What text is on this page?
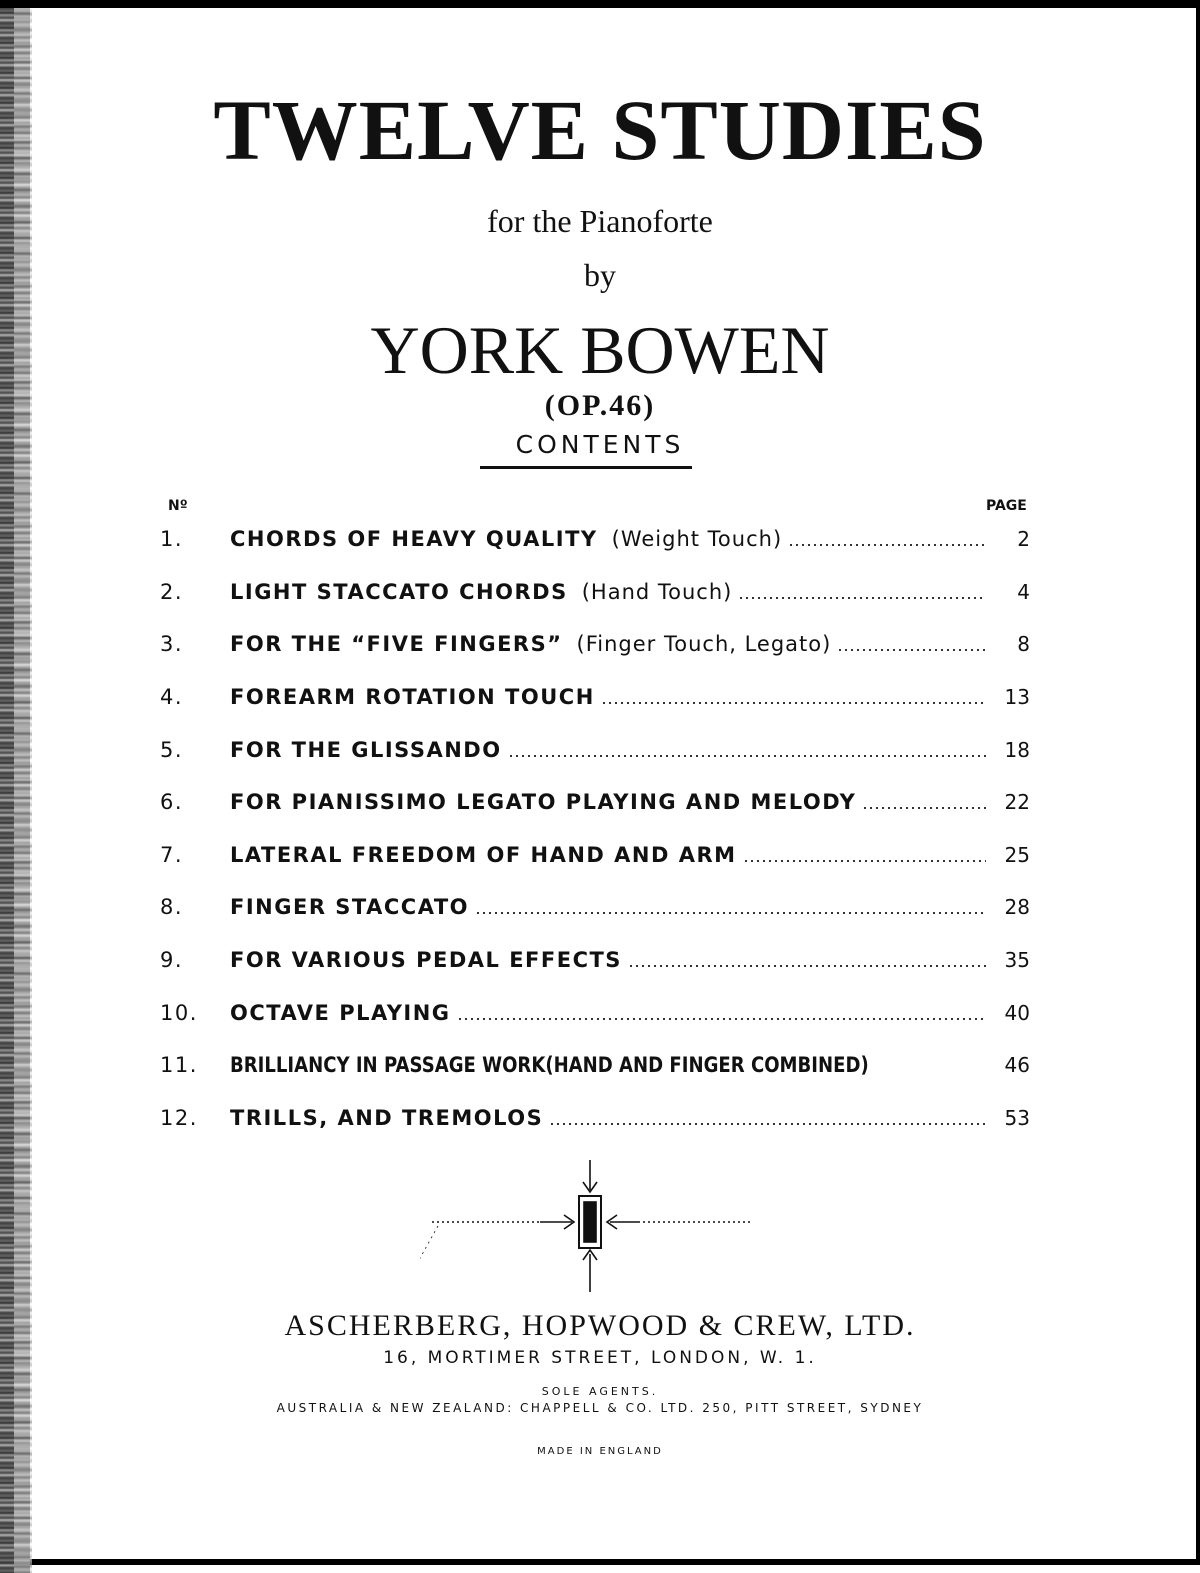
TWELVE STUDIES
for the Pianoforte
by
YORK BOWEN
(OP.46)
CONTENTS
Nº	PAGE
1.	CHORDS OF HEAVY QUALITY (Weight Touch)	2
2.	LIGHT STACCATO CHORDS (Hand Touch)	4
3.	FOR THE “FIVE FINGERS” (Finger Touch, Legato)	8
4.	FOREARM ROTATION TOUCH	13
5.	FOR THE GLISSANDO	18
6.	FOR PIANISSIMO LEGATO PLAYING AND MELODY	22
7.	LATERAL FREEDOM OF HAND AND ARM	25
8.	FINGER STACCATO	28
9.	FOR VARIOUS PEDAL EFFECTS	35
10.	OCTAVE PLAYING	40
11.	BRILLIANCY IN PASSAGE WORK(HAND AND FINGER COMBINED)	46
12.	TRILLS, AND TREMOLOS	53
ASCHERBERG, HOPWOOD & CREW, LTD.
16, MORTIMER STREET, LONDON, W. 1.
SOLE AGENTS.
AUSTRALIA & NEW ZEALAND: CHAPPELL & CO. LTD. 250, PITT STREET, SYDNEY
MADE IN ENGLAND
